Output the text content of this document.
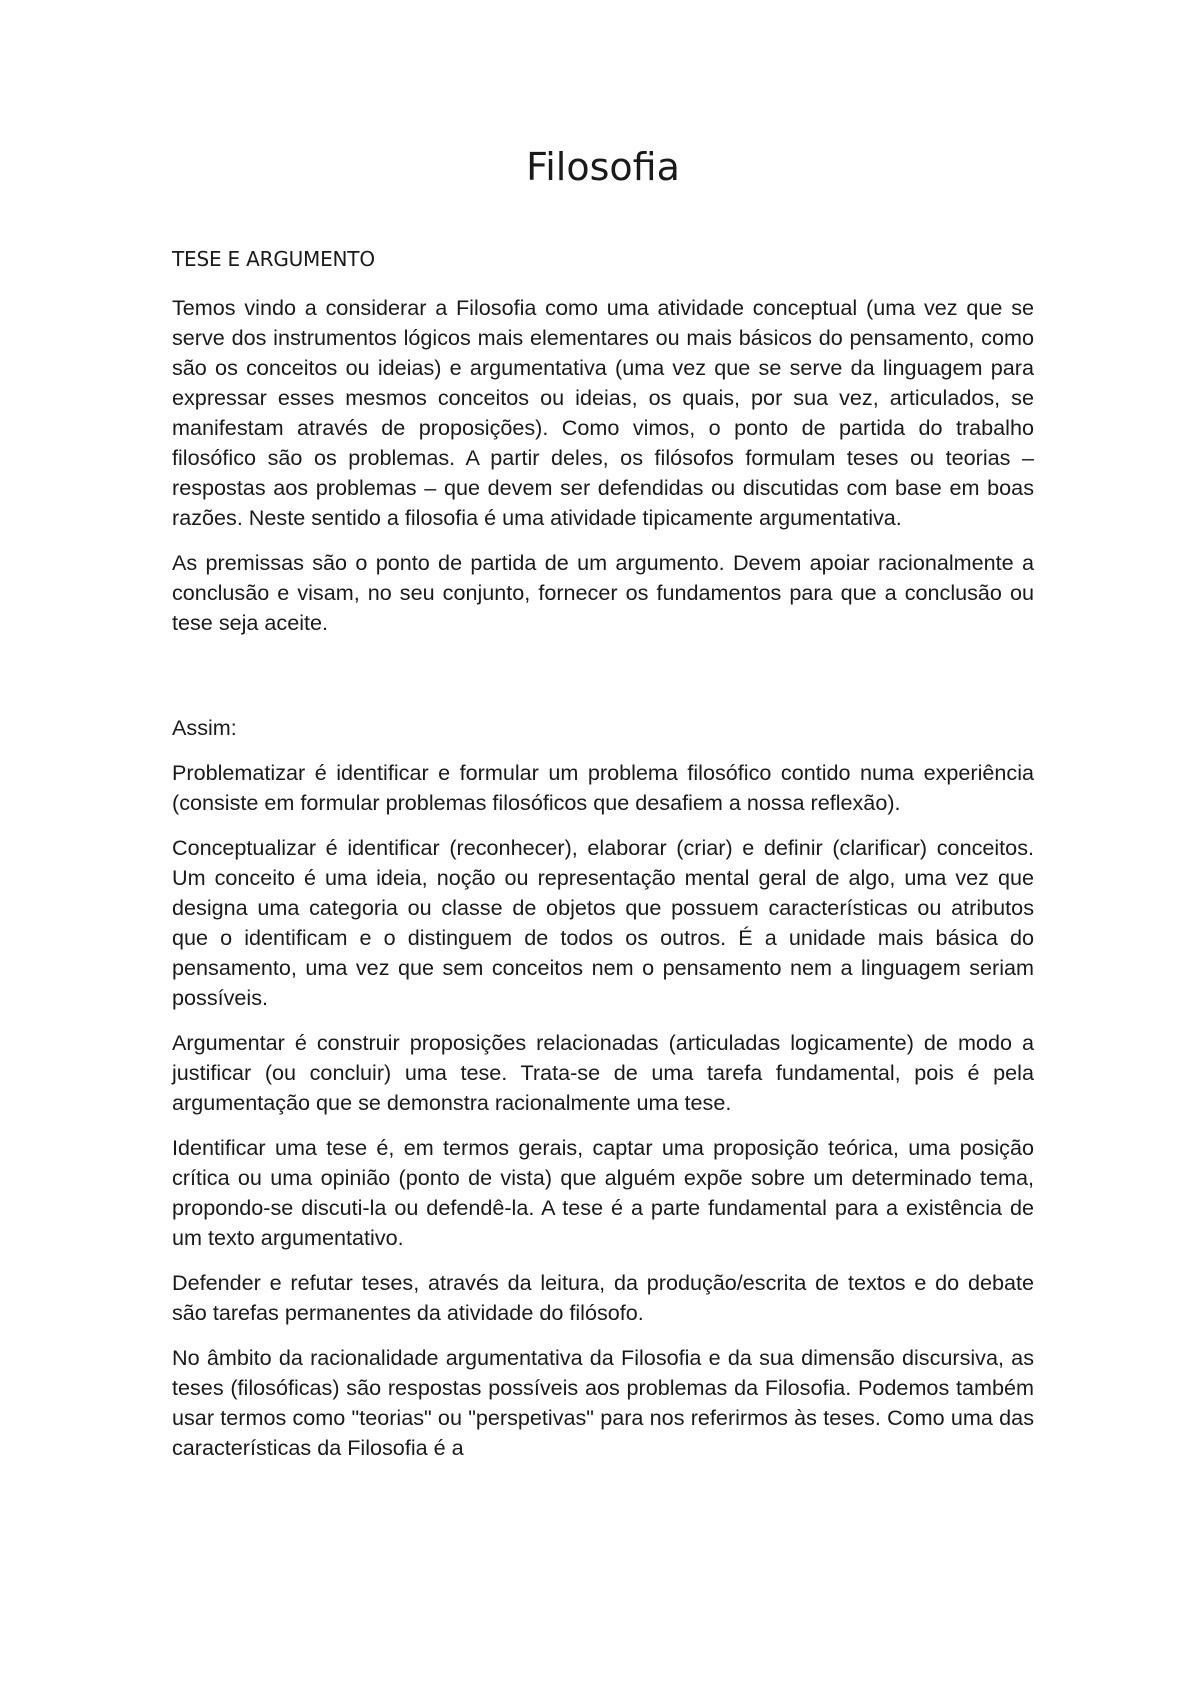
Filosofia
TESE E ARGUMENTO

Temos vindo a considerar a Filosofia como uma atividade conceptual (uma vez que se serve dos instrumentos lógicos mais elementares ou mais básicos do pensamento, como são os conceitos ou ideias) e argumentativa (uma vez que se serve da linguagem para expressar esses mesmos conceitos ou ideias, os quais, por sua vez, articulados, se manifestam através de proposições). Como vimos, o ponto de partida do trabalho filosófico são os problemas. A partir deles, os filósofos formulam teses ou teorias – respostas aos problemas – que devem ser defendidas ou discutidas com base em boas razões. Neste sentido a filosofia é uma atividade tipicamente argumentativa.

As premissas são o ponto de partida de um argumento. Devem apoiar racionalmente a conclusão e visam, no seu conjunto, fornecer os fundamentos para que a conclusão ou tese seja aceite.

Assim:

Problematizar é identificar e formular um problema filosófico contido numa experiência (consiste em formular problemas filosóficos que desafiem a nossa reflexão).

Conceptualizar é identificar (reconhecer), elaborar (criar) e definir (clarificar) conceitos. Um conceito é uma ideia, noção ou representação mental geral de algo, uma vez que designa uma categoria ou classe de objetos que possuem características ou atributos que o identificam e o distinguem de todos os outros. É a unidade mais básica do pensamento, uma vez que sem conceitos nem o pensamento nem a linguagem seriam possíveis.

Argumentar é construir proposições relacionadas (articuladas logicamente) de modo a justificar (ou concluir) uma tese. Trata-se de uma tarefa fundamental, pois é pela argumentação que se demonstra racionalmente uma tese.

Identificar uma tese é, em termos gerais, captar uma proposição teórica, uma posição crítica ou uma opinião (ponto de vista) que alguém expõe sobre um determinado tema, propondo-se discuti-la ou defendê-la. A tese é a parte fundamental para a existência de um texto argumentativo.

Defender e refutar teses, através da leitura, da produção/escrita de textos e do debate são tarefas permanentes da atividade do filósofo.

No âmbito da racionalidade argumentativa da Filosofia e da sua dimensão discursiva, as teses (filosóficas) são respostas possíveis aos problemas da Filosofia. Podemos também usar termos como "teorias" ou "perspetivas" para nos referirmos às teses. Como uma das características da Filosofia é a
